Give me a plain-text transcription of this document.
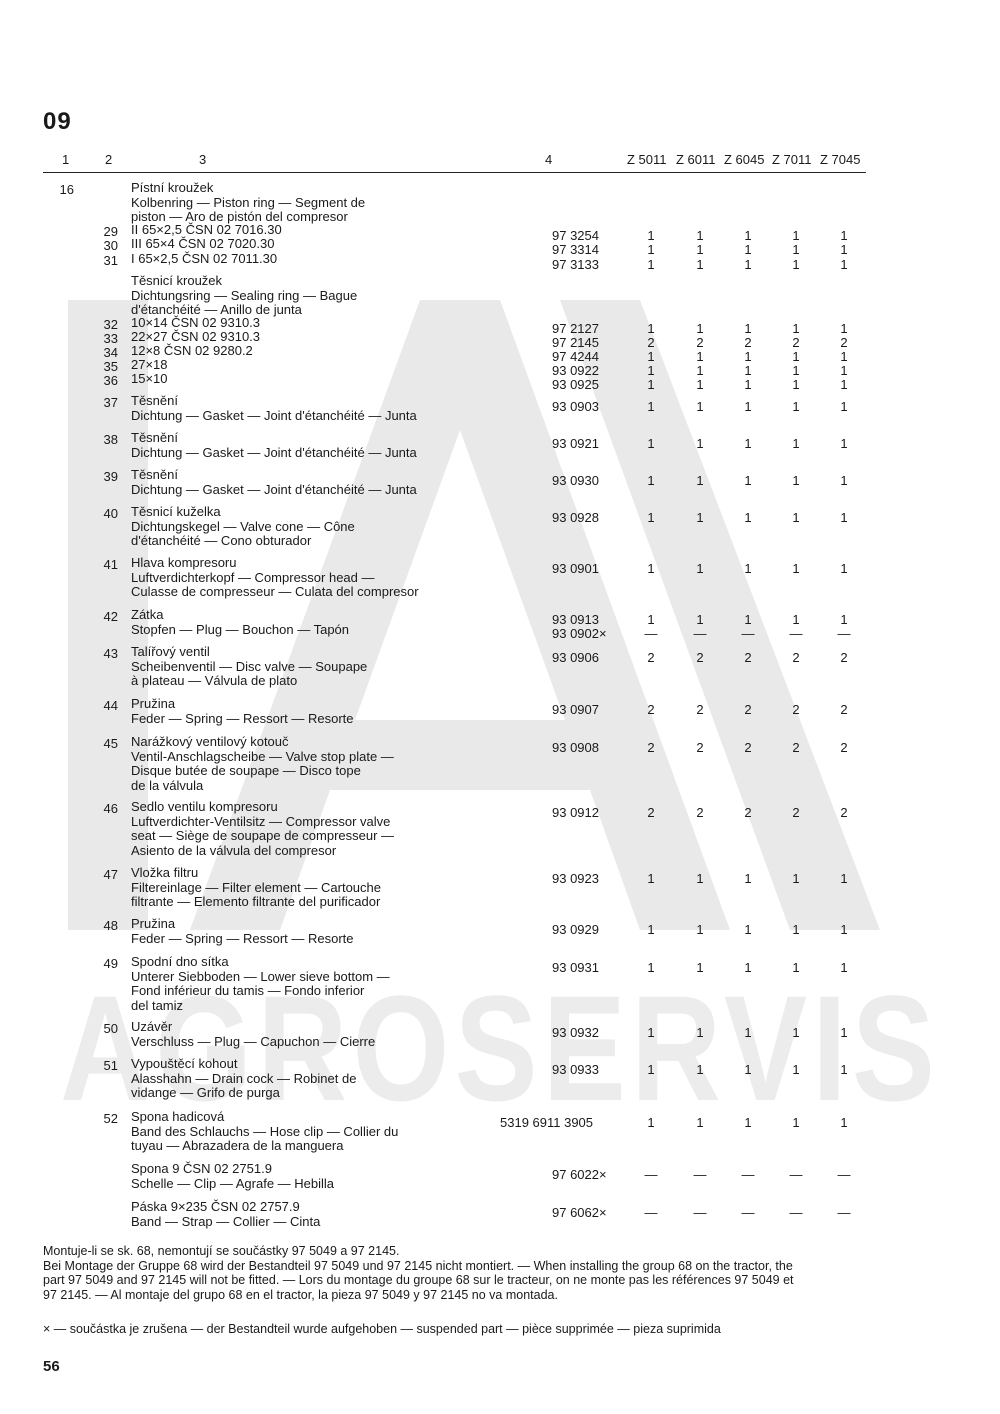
AGROSERVIS
09
1	2	3	4	Z 5011 Z 6011 Z 6045 Z 7011 Z 7045
16	Pístní kroužek
Kolbenring — Piston ring — Segment de
piston — Aro de pistón del compresor
29 II 65×2,5 ČSN 02 7016.30	97 3254	1	1	1	1	1
30 III 65×4 ČSN 02 7020.30	97 3314	1	1	1	1	1
31 I 65×2,5 ČSN 02 7011.30	97 3133	1	1	1	1	1
Těsnicí kroužek
Dichtungsring — Sealing ring — Bague
d'étanchéité — Anillo de junta
32 10×14 ČSN 02 9310.3	97 2127	1	1	1	1	1
33 22×27 ČSN 02 9310.3	97 2145	2	2	2	2	2
34 12×8 ČSN 02 9280.2	97 4244	1	1	1	1	1
35 27×18	93 0922	1	1	1	1	1
36 15×10	93 0925	1	1	1	1	1
37 Těsnění
Dichtung — Gasket — Joint d'étanchéité — Junta
93 0903	1	1	1	1	1
38 Těsnění
Dichtung — Gasket — Joint d'étanchéité — Junta
93 0921	1	1	1	1	1
39 Těsnění
Dichtung — Gasket — Joint d'étanchéité — Junta
93 0930	1	1	1	1	1
40 Těsnicí kuželka
Dichtungskegel — Valve cone — Cône
d'étanchéité — Cono obturador
93 0928	1	1	1	1	1
41 Hlava kompresoru
Luftverdichterkopf — Compressor head —
Culasse de compresseur — Culata del compresor
93 0901	1	1	1	1	1
42 Zátka
Stopfen — Plug — Bouchon — Tapón
93 0913	1	1	1	1	1
93 0902×	—	—	—	—	—
43 Talířový ventil
Scheibenventil — Disc valve — Soupape
à plateau — Válvula de plato
93 0906	2	2	2	2	2
44 Pružina
Feder — Spring — Ressort — Resorte
93 0907	2	2	2	2	2
45 Narážkový ventilový kotouč
Ventil-Anschlagscheibe — Valve stop plate —
Disque butée de soupape — Disco tope
de la válvula
93 0908	2	2	2	2	2
46 Sedlo ventilu kompresoru
Luftverdichter-Ventilsitz — Compressor valve
seat — Siège de soupape de compresseur —
Asiento de la válvula del compresor
93 0912	2	2	2	2	2
47 Vložka filtru
Filtereinlage — Filter element — Cartouche
filtrante — Elemento filtrante del purificador
93 0923	1	1	1	1	1
48 Pružina
Feder — Spring — Ressort — Resorte
93 0929	1	1	1	1	1
49 Spodní dno sítka
Unterer Siebboden — Lower sieve bottom —
Fond inférieur du tamis — Fondo inferior
del tamiz
93 0931	1	1	1	1	1
50 Uzávěr
Verschluss — Plug — Capuchon — Cierre
93 0932	1	1	1	1	1
51 Vypouštěcí kohout
Alasshahn — Drain cock — Robinet de
vidange — Grifo de purga
93 0933	1	1	1	1	1
52 Spona hadicová
Band des Schlauchs — Hose clip — Collier du
tuyau — Abrazadera de la manguera
5319 6911 3905	1	1	1	1	1
Spona 9 ČSN 02 2751.9
Schelle — Clip — Agrafe — Hebilla
97 6022×	—	—	—	—	—
Páska 9×235 ČSN 02 2757.9
Band — Strap — Collier — Cinta
97 6062×	—	—	—	—	—
Montuje-li se sk. 68, nemontují se součástky 97 5049 a 97 2145.
Bei Montage der Gruppe 68 wird der Bestandteil 97 5049 und 97 2145 nicht montiert. — When installing the group 68 on the tractor, the
part 97 5049 and 97 2145 will not be fitted. — Lors du montage du groupe 68 sur le tracteur, on ne monte pas les références 97 5049 et
97 2145. — Al montaje del grupo 68 en el tractor, la pieza 97 5049 y 97 2145 no va montada.
× — součástka je zrušena — der Bestandteil wurde aufgehoben — suspended part — pièce supprimée — pieza suprimida
56
